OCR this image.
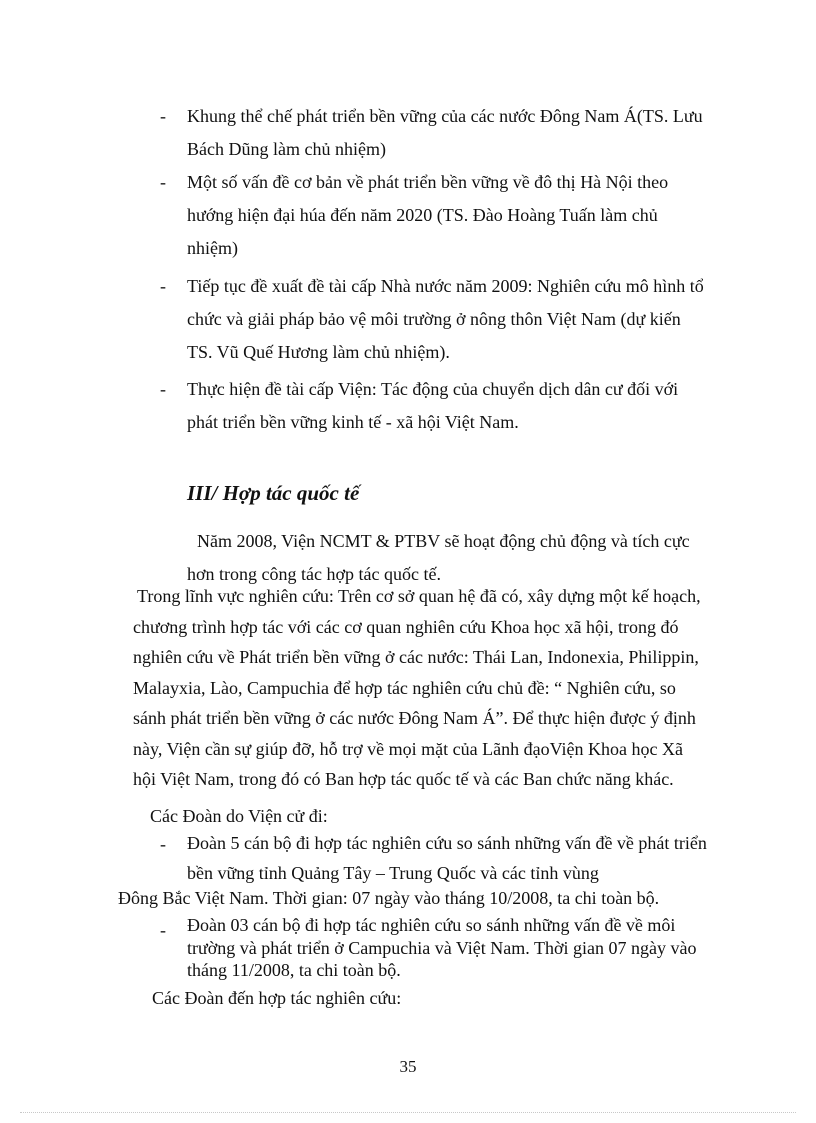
-	Khung thể chế phát triển bền vững của các nước Đông Nam Á(TS. Lưu Bách Dũng làm chủ nhiệm)

-	Một số vấn đề cơ bản về phát triển bền vững về đô thị Hà Nội theo hướng hiện đại húa đến năm 2020 (TS. Đào Hoàng Tuấn làm chủ nhiệm)

-	Tiếp tục đề xuất đề tài cấp Nhà nước năm 2009: Nghiên cứu mô hình tổ chức và giải pháp bảo vệ môi trường ở nông thôn Việt Nam (dự kiến TS. Vũ Quế Hương làm chủ nhiệm).

-	Thực hiện đề tài cấp Viện: Tác động của chuyển dịch dân cư đối với phát triển bền vững kinh tế - xã hội Việt Nam.

III/ Hợp tác quốc tế

Năm 2008, Viện NCMT & PTBV sẽ hoạt động chủ động và tích cực hơn trong công tác hợp tác quốc tế.

Trong lĩnh vực nghiên cứu: Trên cơ sở quan hệ đã có, xây dựng một kế hoạch, chương trình hợp tác với các cơ quan nghiên cứu Khoa học xã hội, trong đó nghiên cứu về Phát triển bền vững ở các nước: Thái Lan, Indonexia, Philippin, Malayxia, Lào, Campuchia để hợp tác nghiên cứu chủ đề: “ Nghiên cứu, so sánh phát triển bền vững ở các nước Đông Nam Á”. Để thực hiện được ý định này, Viện cần sự giúp đỡ, hỗ trợ về mọi mặt của Lãnh đạoViện Khoa học Xã hội Việt Nam, trong đó có Ban hợp tác quốc tế và các Ban chức năng khác.

Các Đoàn do Viện cử đi:

-	Đoàn 5 cán bộ đi hợp tác nghiên cứu so sánh những vấn đề về phát triển bền vững tỉnh Quảng Tây – Trung Quốc và các tỉnh vùng

Đông Bắc Việt Nam. Thời gian: 07 ngày vào tháng 10/2008, ta chi toàn bộ.

-	Đoàn 03 cán bộ đi hợp tác nghiên cứu so sánh những vấn đề về môi trường và phát triển ở Campuchia và Việt Nam. Thời gian 07 ngày vào tháng 11/2008, ta chi toàn bộ.

Các Đoàn đến hợp tác nghiên cứu:

35
